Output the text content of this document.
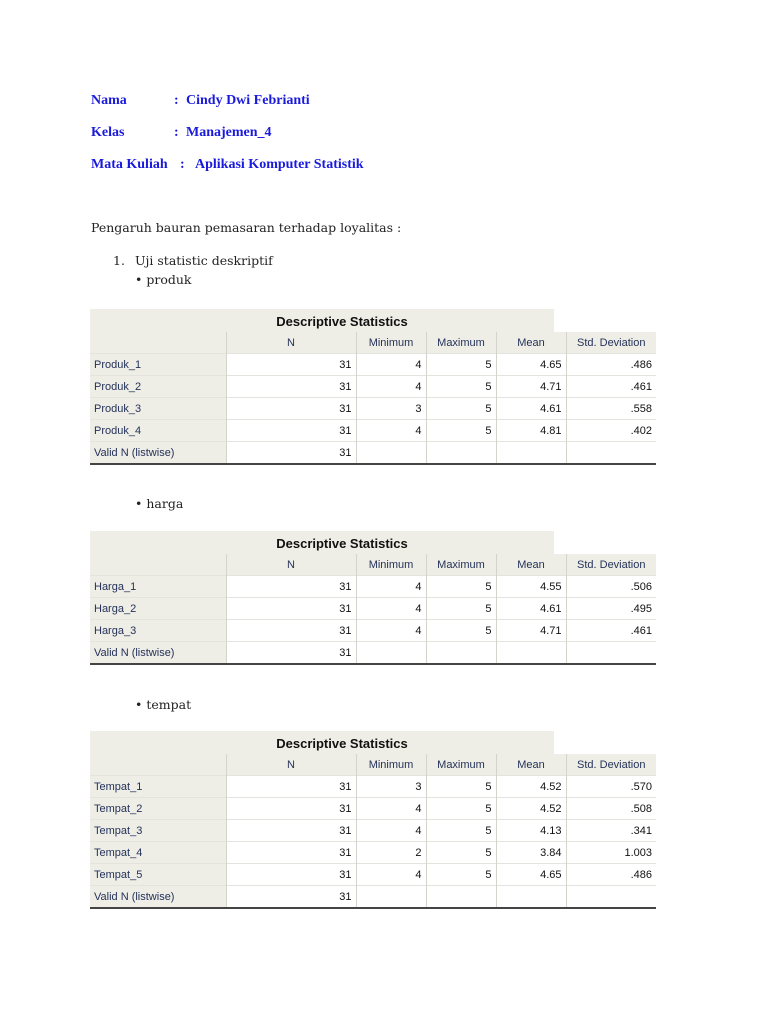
Nama	: Cindy Dwi Febrianti
Kelas	: Manajemen_4
Mata Kuliah : Aplikasi Komputer Statistik
Pengaruh bauran pemasaran terhadap loyalitas :
1. Uji statistic deskriptif
• produk
Descriptive Statistics
	N	Minimum	Maximum	Mean	Std. Deviation
Produk_1	31	4	5	4.65	.486
Produk_2	31	4	5	4.71	.461
Produk_3	31	3	5	4.61	.558
Produk_4	31	4	5	4.81	.402
Valid N (listwise)	31				
• harga
Descriptive Statistics
	N	Minimum	Maximum	Mean	Std. Deviation
Harga_1	31	4	5	4.55	.506
Harga_2	31	4	5	4.61	.495
Harga_3	31	4	5	4.71	.461
Valid N (listwise)	31				
• tempat
Descriptive Statistics
	N	Minimum	Maximum	Mean	Std. Deviation
Tempat_1	31	3	5	4.52	.570
Tempat_2	31	4	5	4.52	.508
Tempat_3	31	4	5	4.13	.341
Tempat_4	31	2	5	3.84	1.003
Tempat_5	31	4	5	4.65	.486
Valid N (listwise)	31				
